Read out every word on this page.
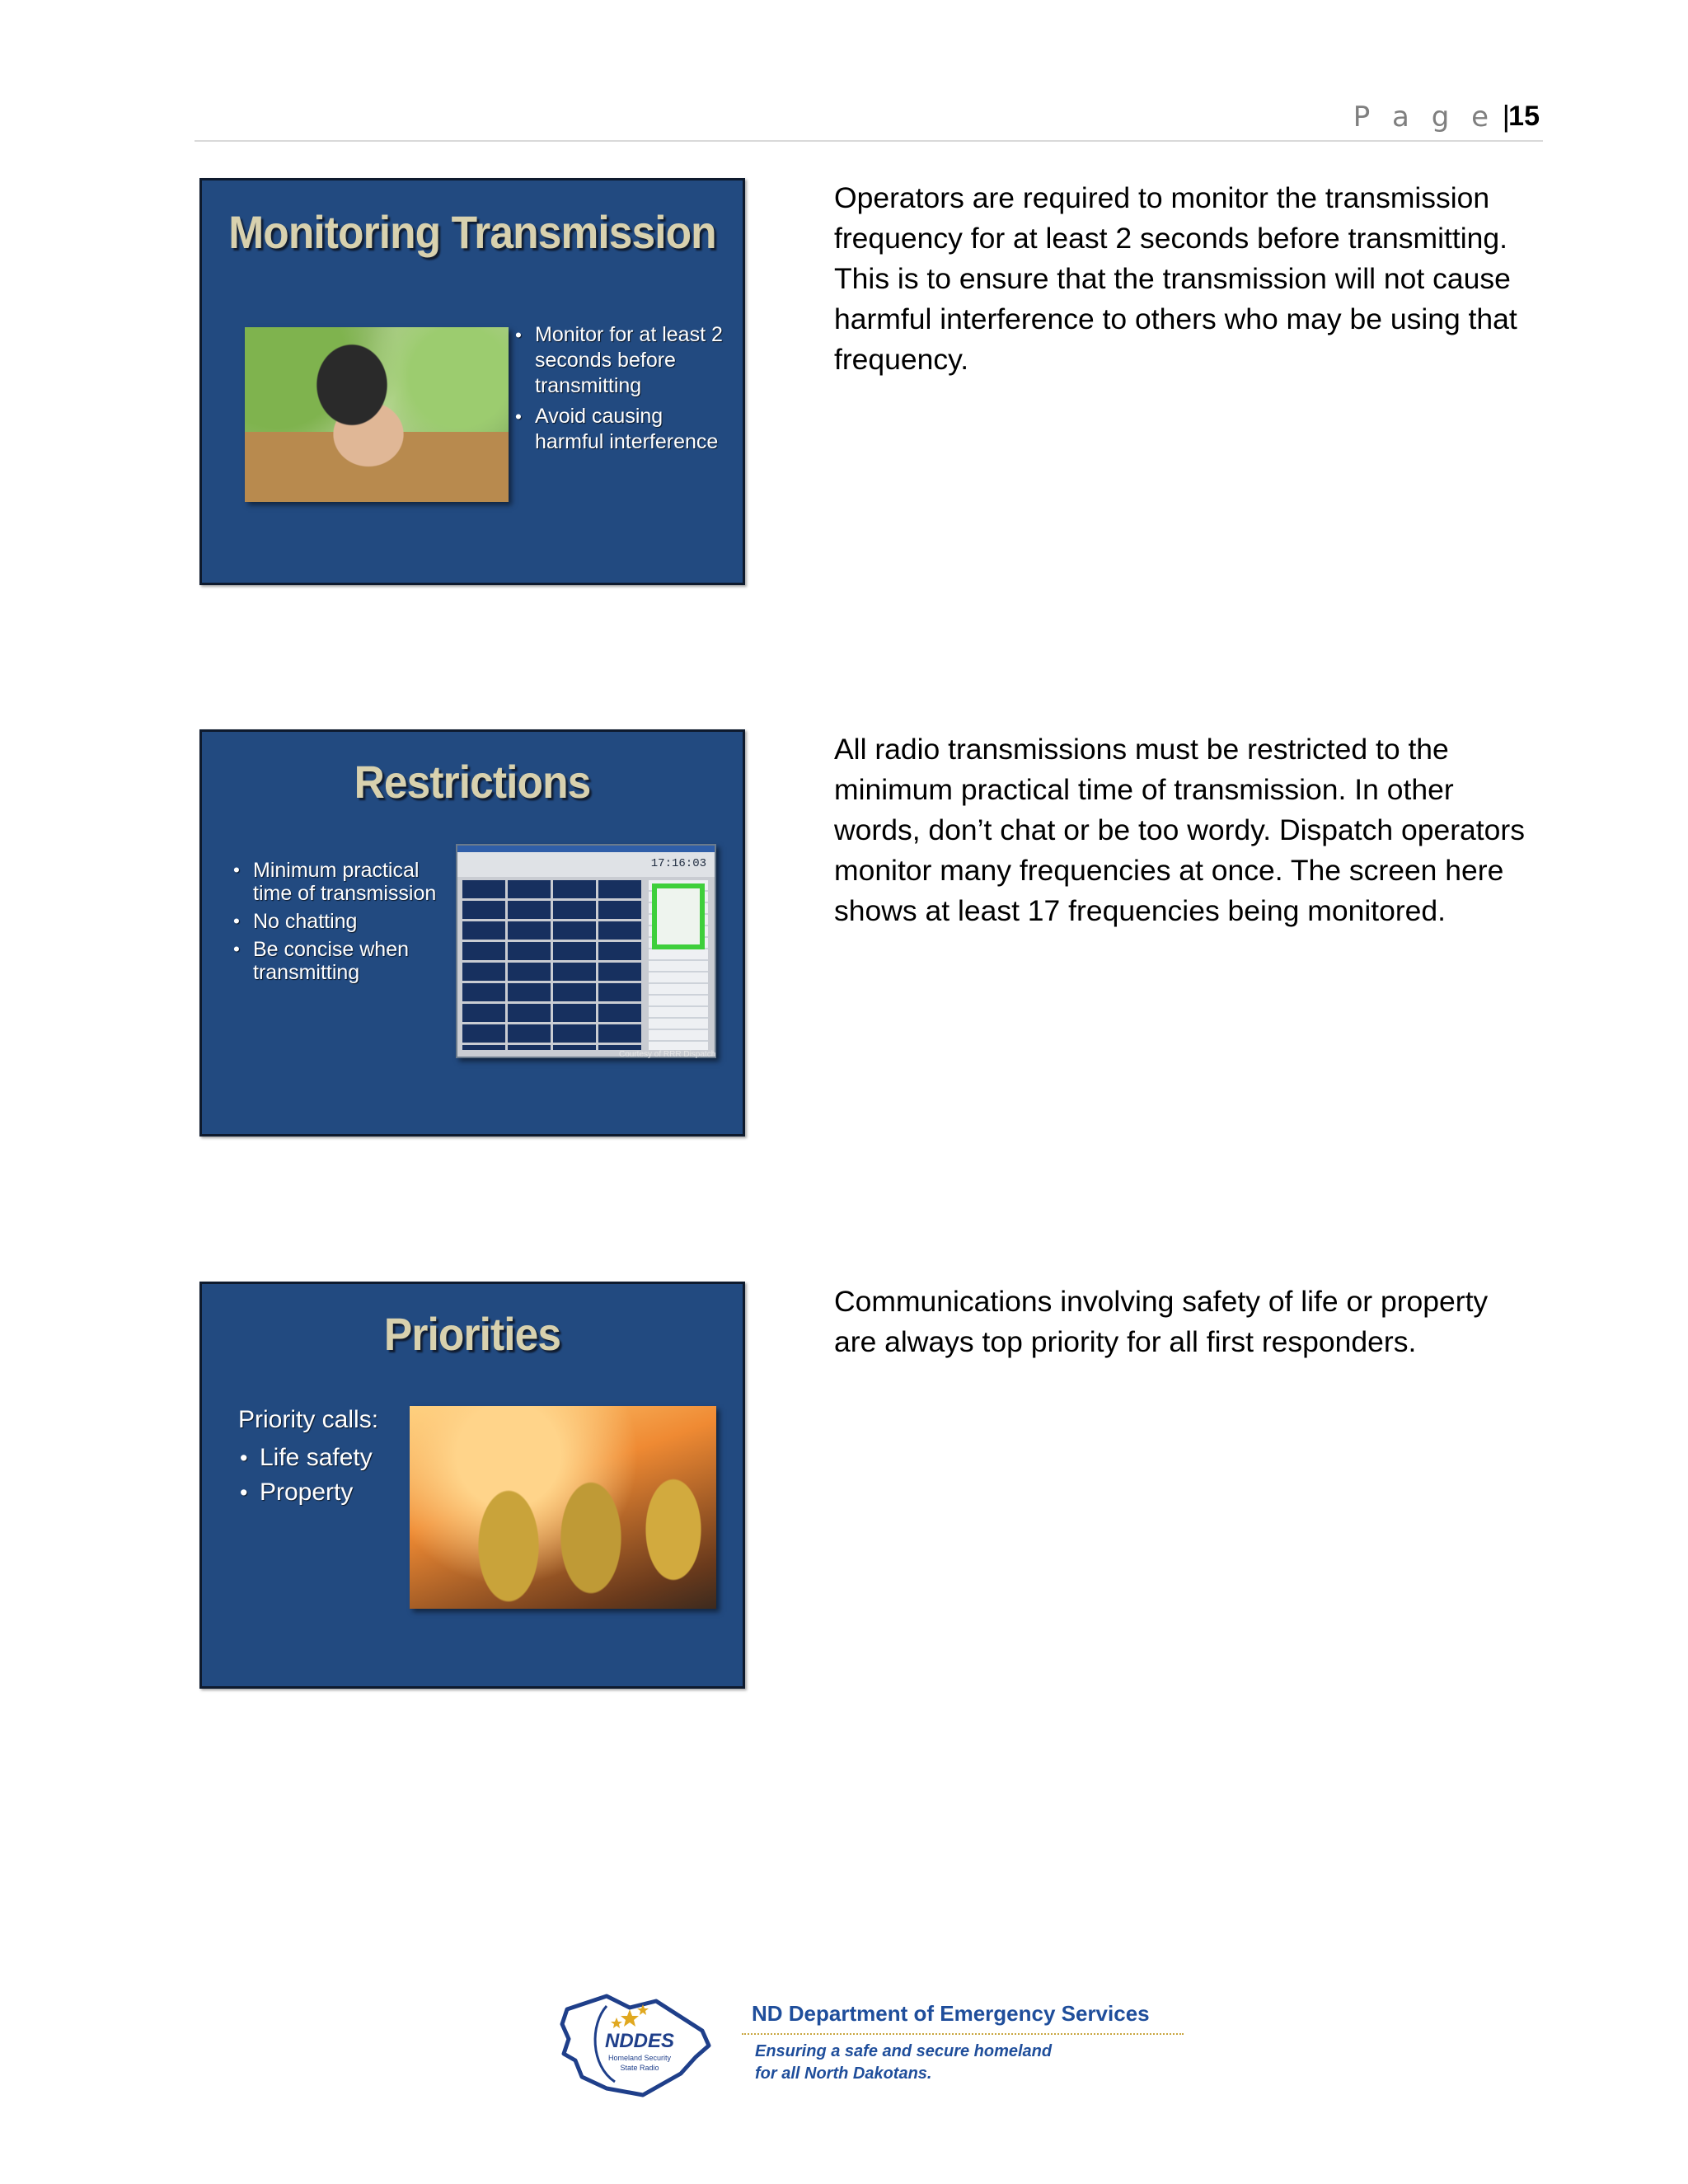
P a g e |
15
Monitoring Transmission
• Monitor for at least 2 seconds before transmitting
• Avoid causing harmful interference

Operators are required to monitor the transmission frequency for at least 2 seconds before transmitting. This is to ensure that the transmission will not cause harmful interference to others who may be using that frequency.

Restrictions
• Minimum practical time of transmission
• No chatting
• Be concise when transmitting
17:16:03
Courtesy of RRR Dispatch

All radio transmissions must be restricted to the minimum practical time of transmission. In other words, don’t chat or be too wordy. Dispatch operators monitor many frequencies at once. The screen here shows at least 17 frequencies being monitored.

Priorities
Priority calls:
• Life safety
• Property

Communications involving safety of life or property are always top priority for all first responders.

NDDES
Homeland Security
State Radio
ND Department of Emergency Services
Ensuring a safe and secure homeland
for all North Dakotans.
